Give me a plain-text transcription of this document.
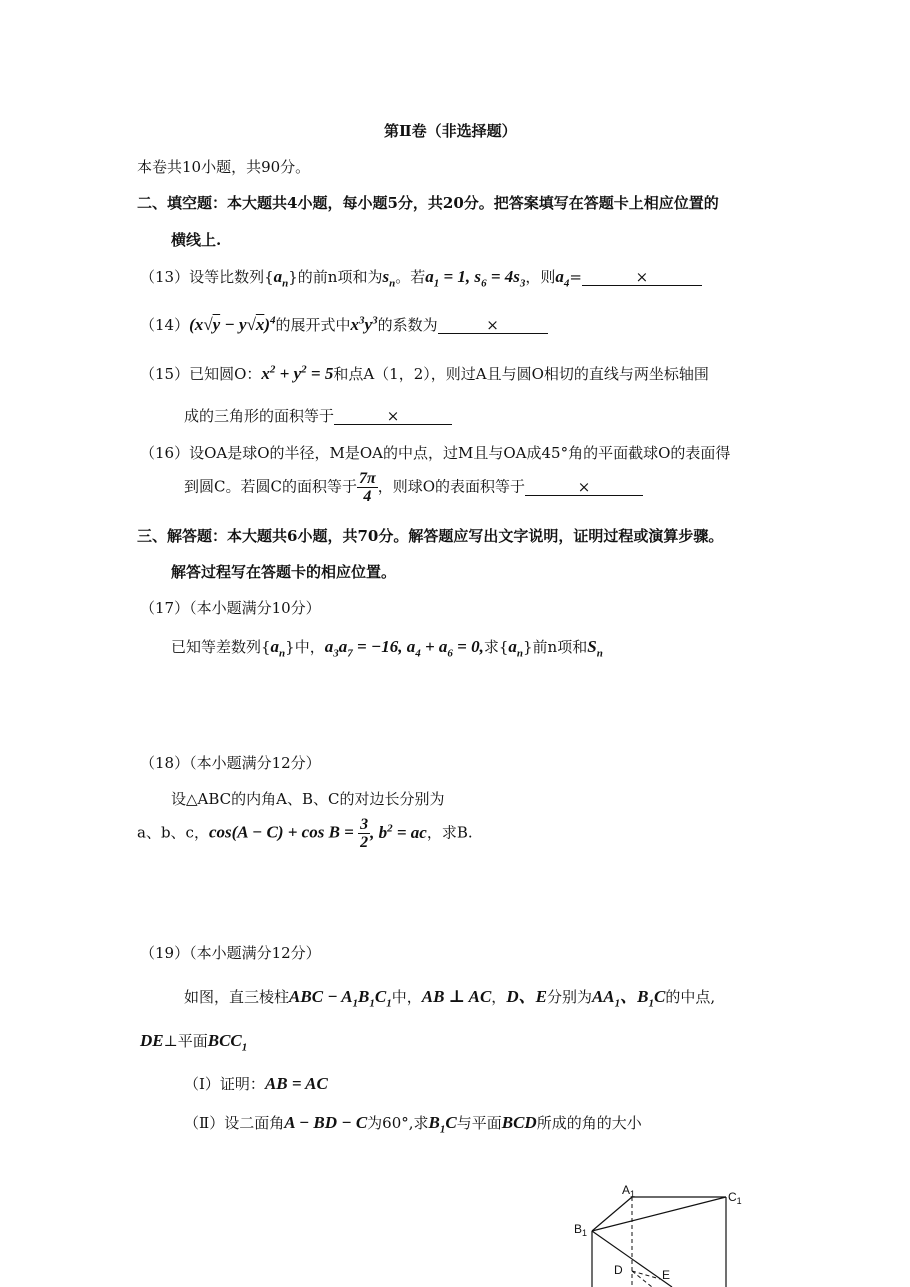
第Ⅱ卷（非选择题）
本卷共10小题，共90分。
二、填空题：本大题共4小题，每小题5分，共20分。把答案填写在答题卡上相应位置的
横线上.
（13）设等比数列$\{a_n\}$的前n项和为$s_n$。若$a_1 = 1$, $s_6 = 4s_3$，则$a_4=$	×
$(14)(x√y - y√x)^4$的展开式中$x^3y^3$的系数为	×
（15）已知圆O：$x^2 + y^2 = 5$和点A（1，2），则过A且与圆O相切的直线与两坐标轴围
成的三角形的面积等于	×
（16）设OA是球O的半径，M是OA的中点，过M且与OA成45°角的平面截球O的表面得
到圆C。若圆C的面积等于 $\frac{7\pi}{4}$ ，则球O的表面积等于	×
三、解答题：本大题共6小题，共70分。解答题应写出文字说明，证明过程或演算步骤。
解答过程写在答题卡的相应位置。
（17）（本小题满分10分）
已知等差数列$\{a_n\}$中，$a_3a_7 = -16$, $a_4 + a_6 = 0$,求$\{a_n\}$前n项和$S_n$
（18）（本小题满分12分）
设△ABC的内角A、B、C的对边长分别为
a、b、c，$\cos(A - C) + \cos B = \frac{3}{2}$ , $b^2$ = ac，求B.
（19）（本小题满分12分）
如图，直三棱柱ABC − $A_1B_1C_1$中，AB ⊥ AC，D、E分别为$AA_1$、$B_1C$的中点,
DE⊥平面$BCC_1$
（Ⅰ）证明：AB = AC
（Ⅱ）设二面角A − BD − C为60°,求$B_1C$与平面BCD所成的角的大小
$A_1$	$C_1$
$B_1$
D	E
